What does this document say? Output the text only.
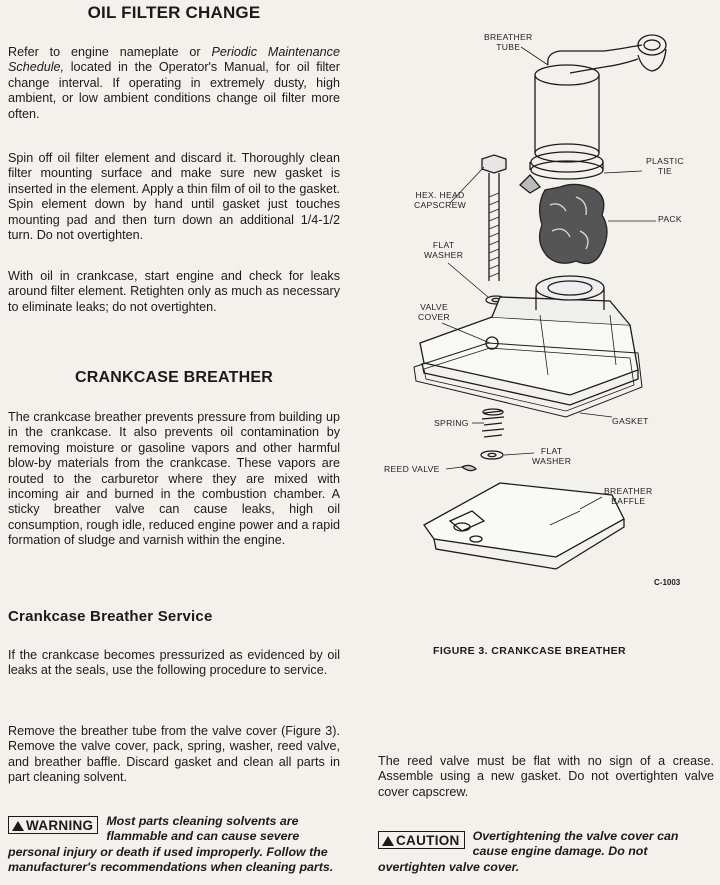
OIL FILTER CHANGE

Refer to engine nameplate or Periodic Maintenance Schedule, located in the Operator's Manual, for oil filter change interval. If operating in extremely dusty, high ambient, or low ambient conditions change oil filter more often.

Spin off oil filter element and discard it. Thoroughly clean filter mounting surface and make sure new gasket is inserted in the element. Apply a thin film of oil to the gasket. Spin element down by hand until gasket just touches mounting pad and then turn down an additional 1/4-1/2 turn. Do not overtighten.

With oil in crankcase, start engine and check for leaks around filter element. Retighten only as much as necessary to eliminate leaks; do not overtighten.

CRANKCASE BREATHER

The crankcase breather prevents pressure from building up in the crankcase. It also prevents oil contamination by removing moisture or gasoline vapors and other harmful blow-by materials from the crankcase. These vapors are routed to the carburetor where they are mixed with incoming air and burned in the combustion chamber. A sticky breather valve can cause leaks, high oil consumption, rough idle, reduced engine power and a rapid formation of sludge and varnish within the engine.

Crankcase Breather Service

If the crankcase becomes pressurized as evidenced by oil leaks at the seals, use the following procedure to service.

Remove the breather tube from the valve cover (Figure 3). Remove the valve cover, pack, spring, washer, reed valve, and breather baffle. Discard gasket and clean all parts in part cleaning solvent.

WARNING	Most parts cleaning solvents are flammable and can cause severe personal injury or death if used improperly. Follow the manufacturer's recommendations when cleaning parts.
BREATHER
TUBE
PLASTIC
TIE
HEX. HEAD
CAPSCREW
PACK
FLAT
WASHER
VALVE
COVER
SPRING	GASKET
FLAT
WASHER
REED VALVE
BREATHER
BAFFLE
C-1003
FIGURE 3. CRANKCASE BREATHER

The reed valve must be flat with no sign of a crease. Assemble using a new gasket. Do not overtighten valve cover capscrew.

CAUTION	Overtightening the valve cover can cause engine damage. Do not overtighten valve cover.
